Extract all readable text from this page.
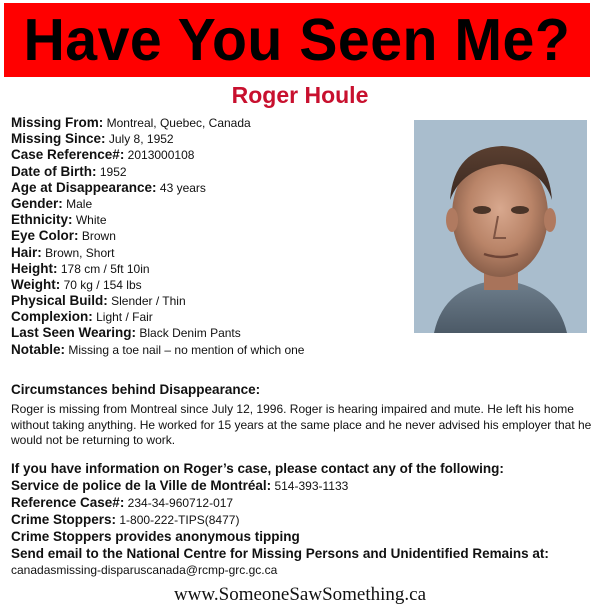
Have You Seen Me?
Roger Houle
Missing From: Montreal, Quebec, Canada
Missing Since: July 8, 1952
Case Reference#: 2013000108
Date of Birth: 1952
Age at Disappearance: 43 years
Gender: Male
Ethnicity: White
Eye Color: Brown
Hair: Brown, Short
Height: 178 cm / 5ft 10in
Weight: 70 kg / 154 lbs
Physical Build: Slender / Thin
Complexion: Light / Fair
Last Seen Wearing: Black Denim Pants
Notable: Missing a toe nail – no mention of which one
Circumstances behind Disappearance:
Roger is missing from Montreal since July 12, 1996. Roger is hearing impaired and mute. He left his home without taking anything. He worked for 15 years at the same place and he never advised his employer that he would not be returning to work.
If you have information on Roger’s case, please contact any of the following:
Service de police de la Ville de Montréal: 514-393-1133
Reference Case#: 234-34-960712-017
Crime Stoppers: 1-800-222-TIPS(8477)
Crime Stoppers provides anonymous tipping
Send email to the National Centre for Missing Persons and Unidentified Remains at:
canadasmissing-disparuscanada@rcmp-grc.gc.ca
www.SomeoneSawSomething.ca
